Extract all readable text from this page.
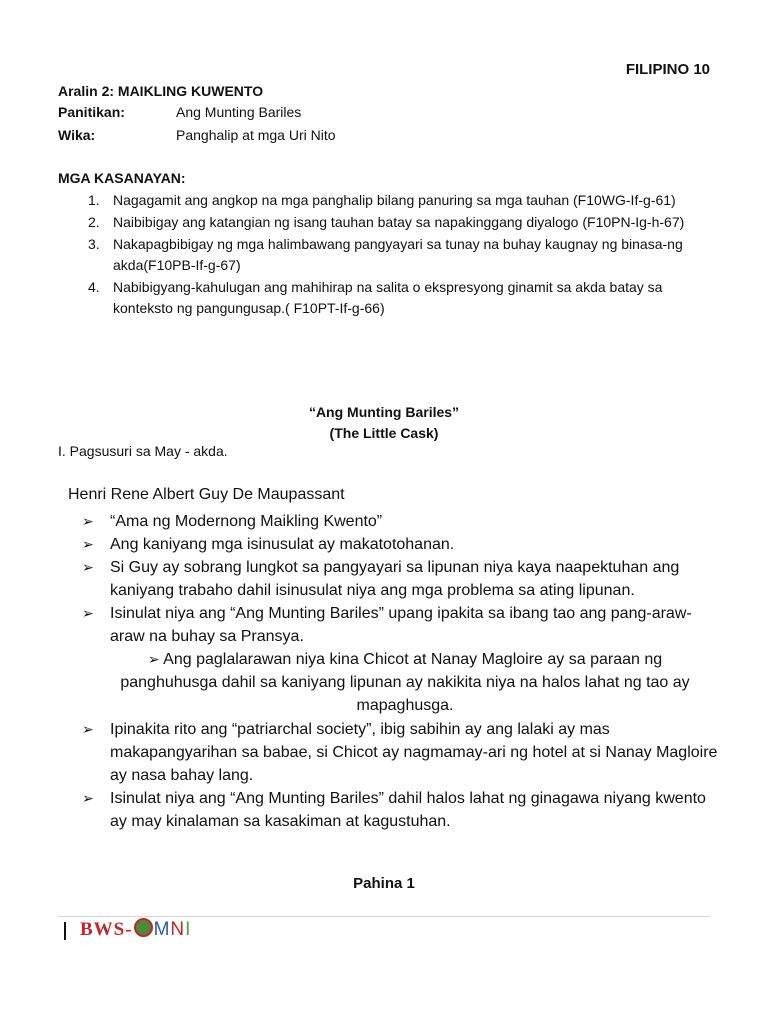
FILIPINO 10
Aralin 2: MAIKLING KUWENTO
Panitikan:	Ang Munting Bariles
Wika:	Panghalip at mga Uri Nito
MGA KASANAYAN:
1. Nagagamit ang angkop na mga panghalip bilang panuring sa mga tauhan (F10WG-If-g-61)
2. Naibibigay ang katangian ng isang tauhan batay sa napakinggang diyalogo (F10PN-Ig-h-67)
3. Nakapagbibigay ng mga halimbawang pangyayari sa tunay na buhay kaugnay ng binasa-ng akda(F10PB-If-g-67)
4. Nabibigyang-kahulugan ang mahihirap na salita o ekspresyong ginamit sa akda batay sa konteksto ng pangungusap.( F10PT-If-g-66)
“Ang Munting Bariles”
(The Little Cask)
I. Pagsusuri sa May - akda.
Henri Rene Albert Guy De Maupassant
➢ “Ama ng Modernong Maikling Kwento”
➢ Ang kaniyang mga isinusulat ay makatotohanan.
➢ Si Guy ay sobrang lungkot sa pangyayari sa lipunan niya kaya naapektuhan ang kaniyang trabaho dahil isinusulat niya ang mga problema sa ating lipunan.
➢ Isinulat niya ang “Ang Munting Bariles” upang ipakita sa ibang tao ang pang-araw-araw na buhay sa Pransya.
➢ Ang paglalarawan niya kina Chicot at Nanay Magloire ay sa paraan ng panghuhusga dahil sa kaniyang lipunan ay nakikita niya na halos lahat ng tao ay mapaghusga.
➢ Ipinakita rito ang “patriarchal society”, ibig sabihin ay ang lalaki ay mas makapangyarihan sa babae, si Chicot ay nagmamay-ari ng hotel at si Nanay Magloire ay nasa bahay lang.
➢ Isinulat niya ang “Ang Munting Bariles” dahil halos lahat ng ginagawa niyang kwento ay may kinalaman sa kasakiman at kagustuhan.
Pahina 1
BWS- MNI
